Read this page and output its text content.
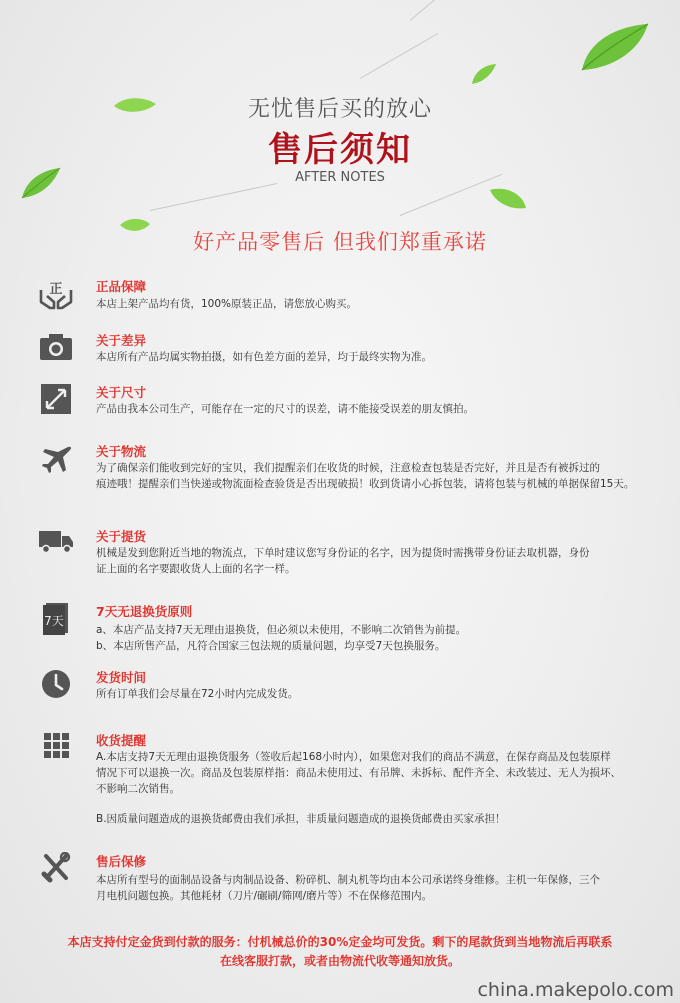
无忧售后买的放心
售后须知
AFTER NOTES
好产品零售后 但我们郑重承诺
正	正品保障
本店上架产品均有货，100%原装正品，请您放心购买。
关于差异
本店所有产品均属实物拍摄，如有色差方面的差异，均于最终实物为准。
关于尺寸
产品由我本公司生产，可能存在一定的尺寸的误差，请不能接受误差的朋友慎拍。
关于物流
为了确保亲们能收到完好的宝贝，我们提醒亲们在收货的时候，注意检查包装是否完好，并且是否有被拆过的
痕迹哦！提醒亲们当快递或物流面检查验货是否出现破损！收到货请小心拆包装，请将包装与机械的单据保留15天。
关于提货
机械是发到您附近当地的物流点，下单时建议您写身份证的名字，因为提货时需携带身份证去取机器，身份
证上面的名字要跟收货人上面的名字一样。
7天
7天无退换货原则
a、本店产品支持7天无理由退换货，但必须以未使用，不影响二次销售为前提。
b、本店所售产品，凡符合国家三包法规的质量问题，均享受7天包换服务。
发货时间
所有订单我们会尽量在72小时内完成发货。
收货提醒
A.本店支持7天无理由退换货服务（签收后起168小时内），如果您对我们的商品不满意，在保存商品及包装原样
情况下可以退换一次。商品及包装原样指：商品未使用过、有吊牌、未拆标、配件齐全、未改装过、无人为损坏、
不影响二次销售。
B.因质量问题造成的退换货邮费由我们承担，非质量问题造成的退换货邮费由买家承担！
售后保修
本店所有型号的面制品设备与肉制品设备、粉碎机、制丸机等均由本公司承诺终身维修。主机一年保修，三个
月电机问题包换。其他耗材（刀片/碾刷/筛网/磨片等）不在保修范围内。
本店支持付定金货到付款的服务：付机械总价的30%定金均可发货。剩下的尾款货到当地物流后再联系
在线客服打款，或者由物流代收等通知放货。
china.makepolo.com
